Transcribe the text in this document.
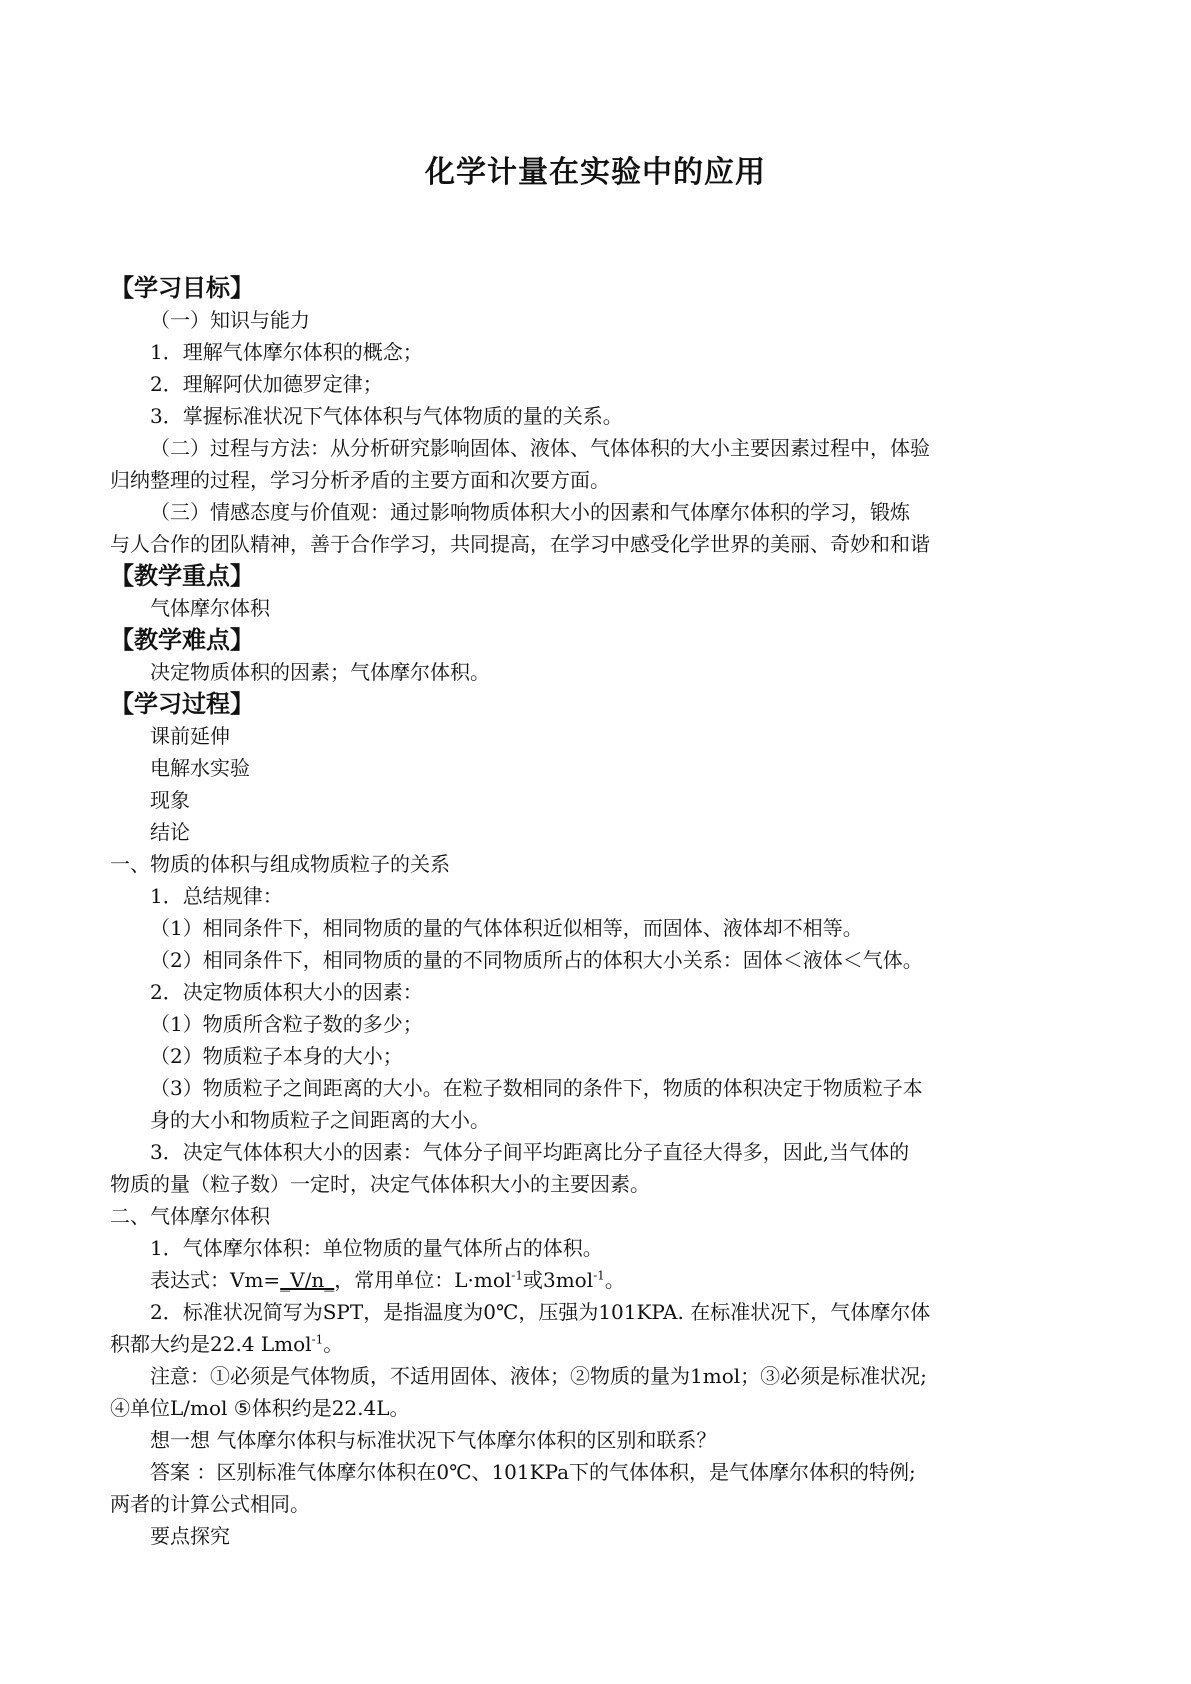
化学计量在实验中的应用
【学习目标】
（一）知识与能力
1．理解气体摩尔体积的概念；
2．理解阿伏加德罗定律；
3．掌握标准状况下气体体积与气体物质的量的关系。
（二）过程与方法：从分析研究影响固体、液体、气体体积的大小主要因素过程中，体验
归纳整理的过程，学习分析矛盾的主要方面和次要方面。
（三）情感态度与价值观：通过影响物质体积大小的因素和气体摩尔体积的学习，锻炼
与人合作的团队精神，善于合作学习，共同提高，在学习中感受化学世界的美丽、奇妙和和谐
【教学重点】
气体摩尔体积
【教学难点】
决定物质体积的因素；气体摩尔体积。
【学习过程】
课前延伸
电解水实验
现象
结论
一、物质的体积与组成物质粒子的关系
1．总结规律：
（1）相同条件下，相同物质的量的气体体积近似相等，而固体、液体却不相等。
（2）相同条件下，相同物质的量的不同物质所占的体积大小关系：固体＜液体＜气体。
2．决定物质体积大小的因素：
（1）物质所含粒子数的多少；
（2）物质粒子本身的大小；
（3）物质粒子之间距离的大小。在粒子数相同的条件下，物质的体积决定于物质粒子本
身的大小和物质粒子之间距离的大小。
3．决定气体体积大小的因素：气体分子间平均距离比分子直径大得多，因此,当气体的
物质的量（粒子数）一定时，决定气体体积大小的主要因素。
二、气体摩尔体积
1．气体摩尔体积：单位物质的量气体所占的体积。
表达式：Vm=_V/n_，常用单位：L·mol$^{-1}$或3mol$^{-1}$。
2．标准状况简写为SPT，是指温度为0℃，压强为101KPA. 在标准状况下，气体摩尔体
积都大约是22.4 Lmol$^{-1}$。
注意：①必须是气体物质，不适用固体、液体；②物质的量为1mol；③必须是标准状况;
④单位L/mol ⑤体积约是22.4L。
想一想 气体摩尔体积与标准状况下气体摩尔体积的区别和联系？
答案 ：区别标准气体摩尔体积在0℃、101KPa下的气体体积，是气体摩尔体积的特例;
两者的计算公式相同。
要点探究
